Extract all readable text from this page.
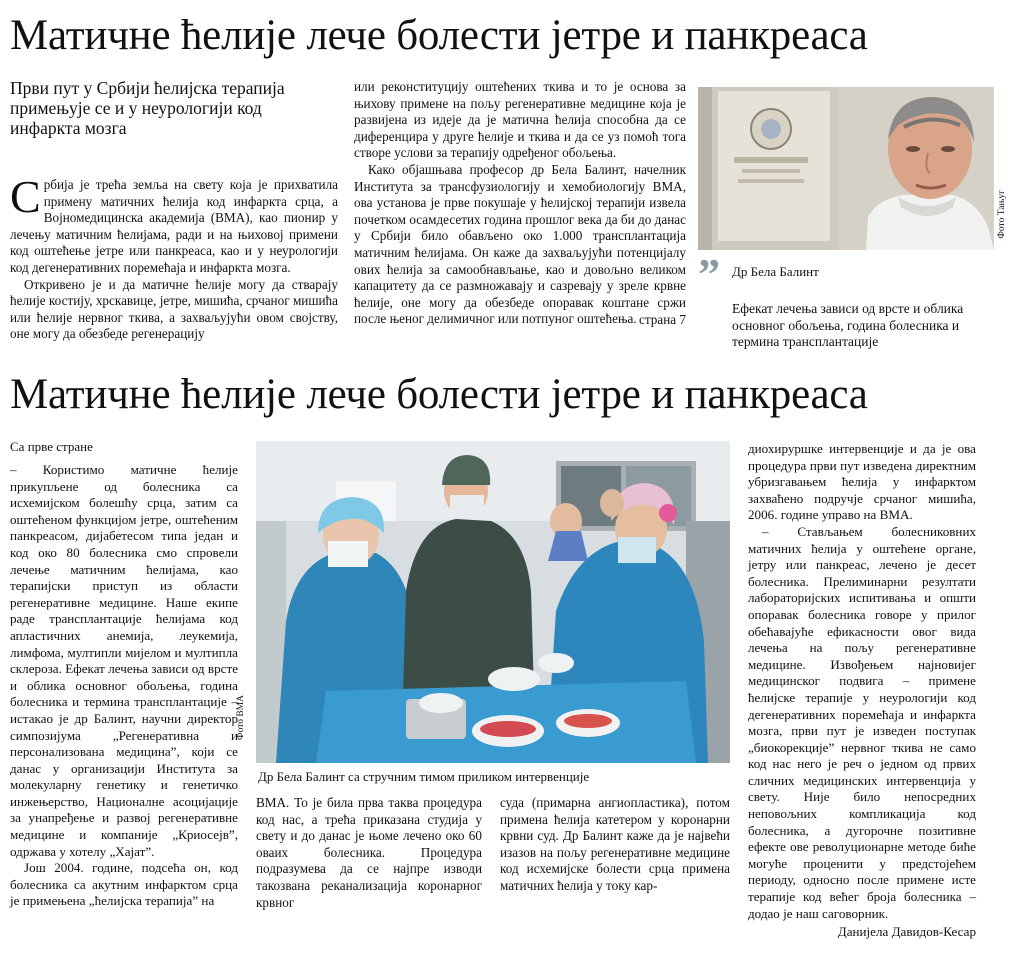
Матичне ћелије лече болести јетре и панкреаса
Први пут у Србији ћелијска терапија примењује се и у неурологији код инфаркта мозга

Србија је трећа земља на свету која је прихватила примену матичних ћелија код инфаркта срца, а Војномедицинска академија (ВМА), као пионир у лечењу матичним ћелијама, ради и на њиховој примени код оштећење јетре или панкреаса, као и у неурологији код дегенеративних поремећаја и инфаркта мозга.

Откривено је и да матичне ћелије могу да стварају ћелије костију, хрскавице, јетре, мишића, срчаног мишића или ћелије нервног ткива, а захваљујући овом својству, оне могу да обезбеде регенерацију

или реконституцију оштећених ткива и то је основа за њихову примене на пољу регенеративне медицине која је развијена из идеје да је матична ћелија способна да се диференцира у друге ћелије и ткива и да се уз помоћ тога створе услови за терапију одређеног обољења.

Како објашњава професор др Бела Балинт, начелник Института за трансфузиологију и хемобиологију ВМА, ова установа је прве покушаје у ћелијској терапији извела почетком осамдесетих година прошлог века да би до данас у Србији било обављено око 1.000 трансплантација матичним ћелијама. Он каже да захваљујући потенцијалу ових ћелија за самообнављање, као и довољно великом капацитету да се размножавају и сазревају у зреле крвне ћелије, оне могу да обезбеде опоравак коштане сржи после њеног делимичног или потпуног оштећења. страна 7
Фото Тањуг
” Др Бела Балинт
Ефекат лечења зависи од врсте и облика основног обољења, година болесника и термина трансплантације
Матичне ћелије лече болести јетре и панкреаса
Са прве стране

– Користимо матичне ћелије прикупљене од болесника са исхемијском болешћу срца, затим са оштећеном функцијом јетре, оштећеним панкреасом, дијабетесом типа један и код око 80 болесника смо спровели лечење матичним ћелијама, као терапијски приступ из области регенеративне медицине. Наше екипе раде трансплантације ћелијама код апластичних анемија, леукемија, лимфома, мултипли мијелом и мултипла склероза. Ефекат лечења зависи од врсте и облика основног обољења, година болесника и термина трансплантације – истакао је др Балинт, научни директор симпозијума „Регенеративна и персонализована медицина”, који се данас у организацији Института за молекуларну генетику и генетичко инжењерство, Националне асоцијације за унапређење и развој регенеративне медицине и компаније „Криосејв”, одржава у хотелу „Хајат”.

Још 2004. године, подсећа он, код болесника са акутним инфарктом срца је примењена „ћелијска терапија” на

Фото ВМА
Др Бела Балинт са стручним тимом приликом интервенције

ВМА. То је била прва таква процедура код нас, а трећа приказана студија у свету и до данас је њоме лечено око 60 оваих болесника. Процедура подразумева да се најпре изводи такозвана реканализација коронарног крвног

суда (примарна ангиопластика), потом примена ћелија катетером у коронарни крвни суд. Др Балинт каже да је највећи изазов на пољу регенеративне медицине код исхемијске болести срца примена матичних ћелија у току кар-

диохируршке интервенције и да је ова процедура први пут изведена директним убризгавањем ћелија у инфарктом захваћено подручје срчаног мишића, 2006. године управо на ВМА.

– Стављањем болесниковних матичних ћелија у оштећене органе, јетру или панкреас, лечено је десет болесника. Прелиминарни резултати лабораторијских испитивања и општи опоравак болесника говоре у прилог обећавајуће ефикасности овог вида лечења на пољу регенеративне медицине. Извођењем најновијег медицинског подвига – примене ћелијске терапије у неурологији код дегенеративних поремећаја и инфаркта мозга, први пут је изведен поступак „биокорекције” нервног ткива не само код нас него је реч о једном од првих сличних медицинских интервенција у свету. Није било непосредних неповољних компликација код болесника, а дугорочне позитивне ефекте ове револуционарне методе биће могуће проценити у предстојећем периоду, односно после примене исте терапије код већег броја болесника – додао је наш саговорник.

Данијела Давидов-Кесар
